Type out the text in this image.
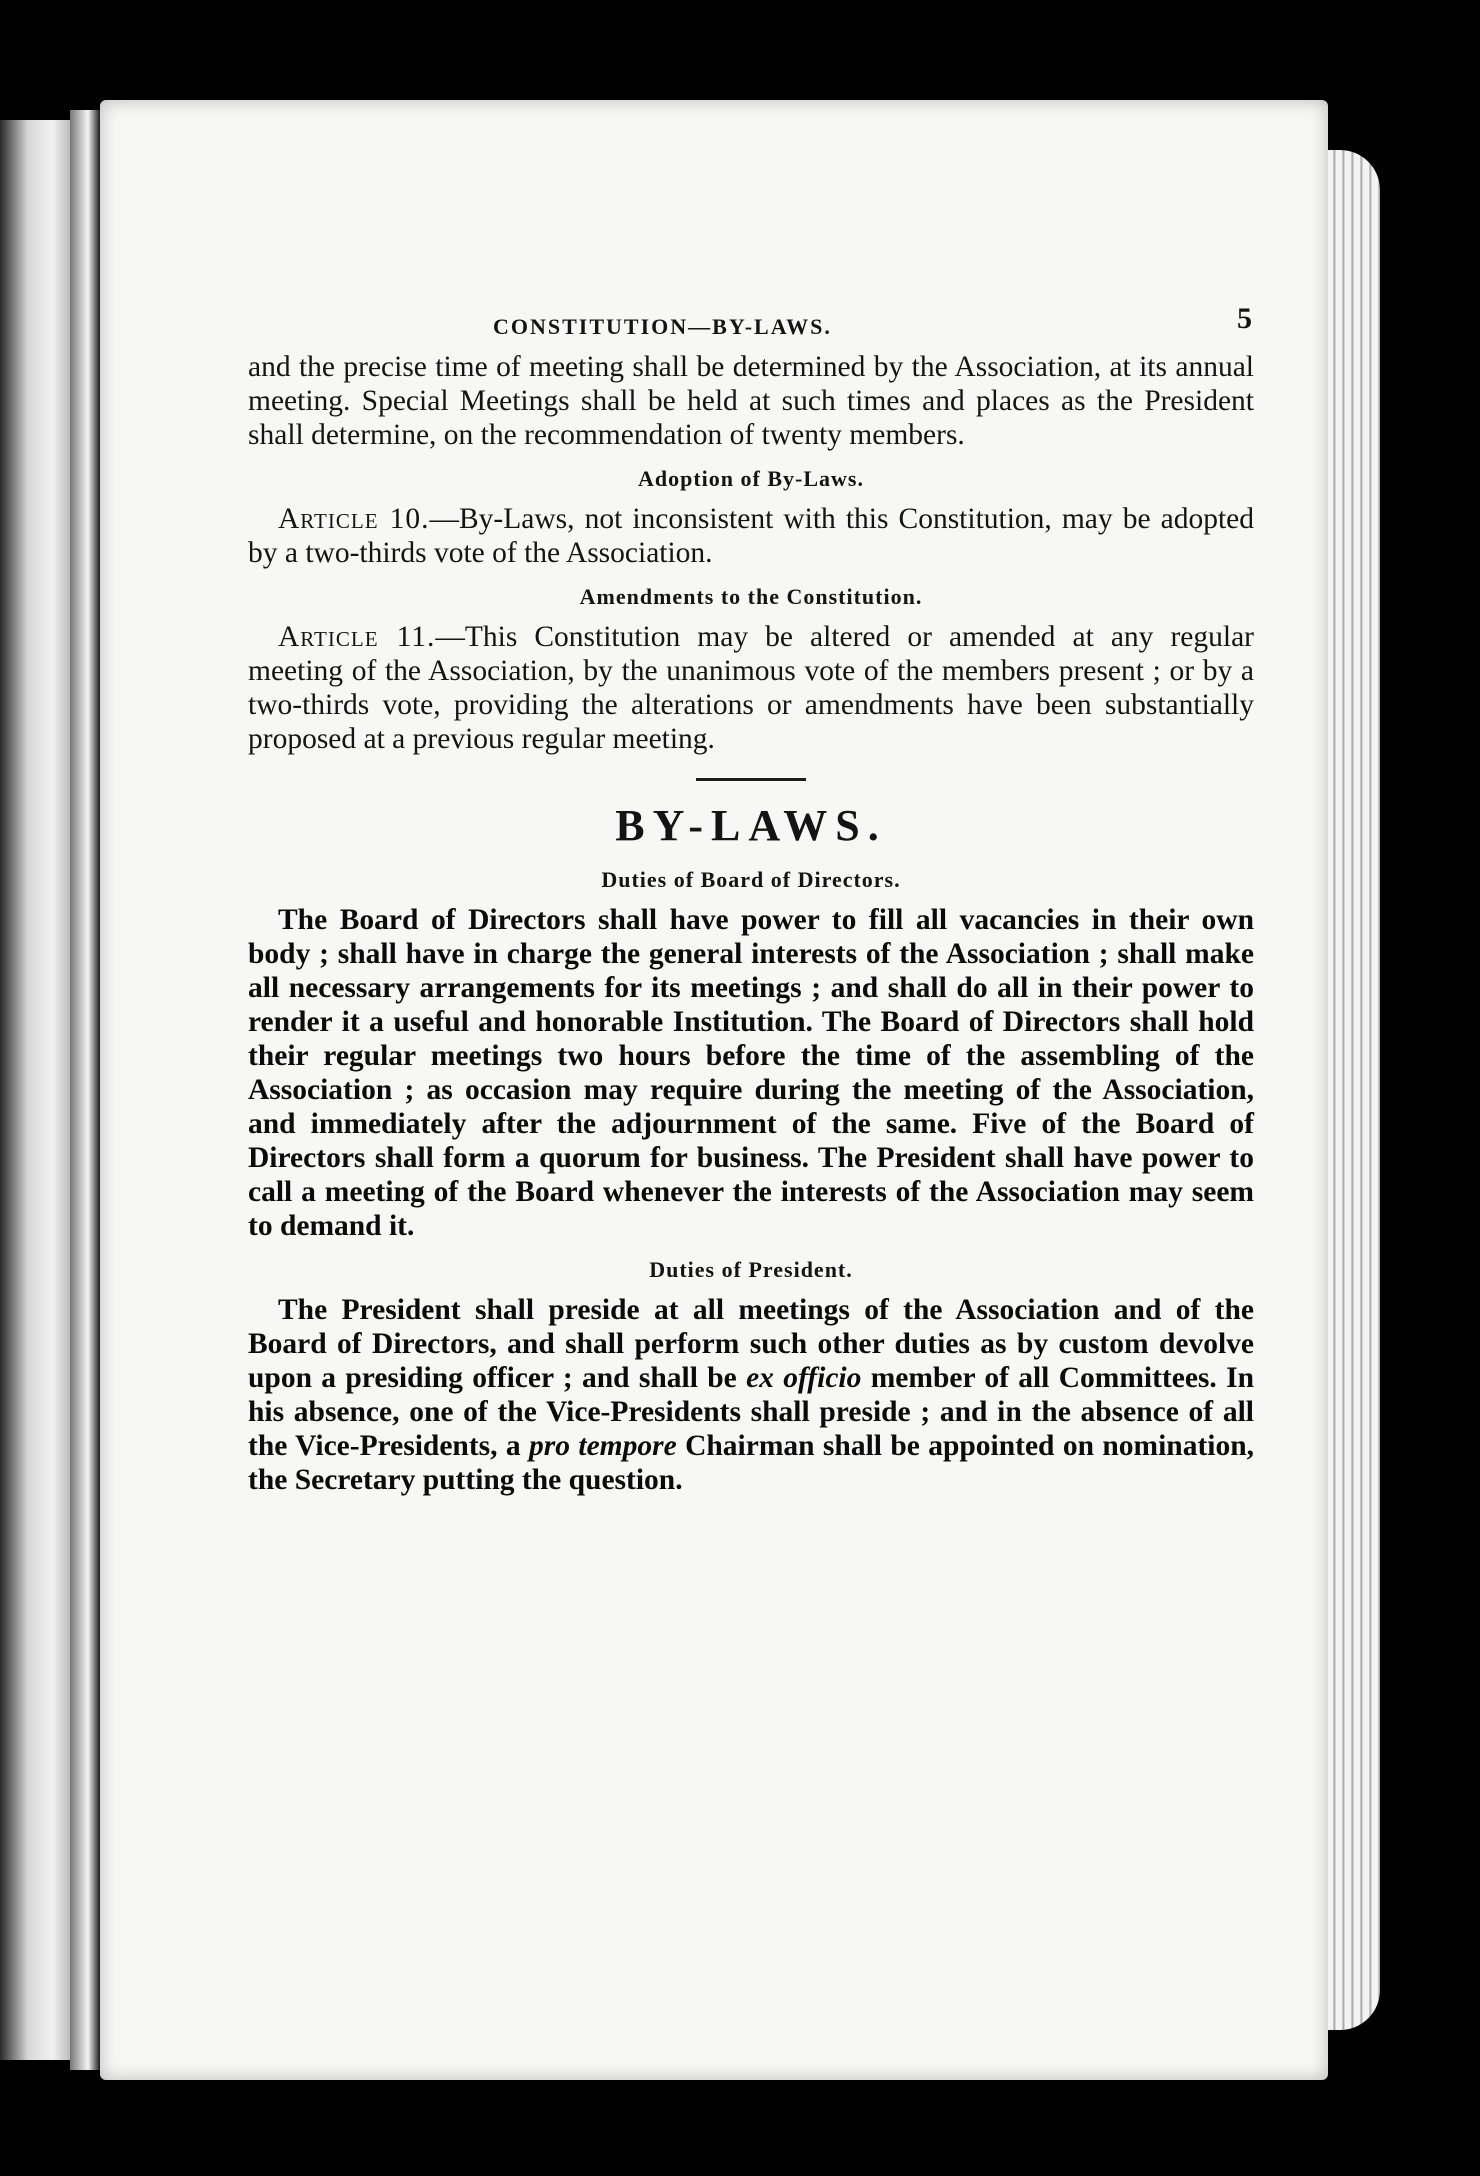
CONSTITUTION—BY-LAWS.	5

and the precise time of meeting shall be determined by the Association, at its annual meeting. Special Meetings shall be held at such times and places as the President shall determine, on the recommendation of twenty members.

Adoption of By-Laws.

Article 10.—By-Laws, not inconsistent with this Constitution, may be adopted by a two-thirds vote of the Association.

Amendments to the Constitution.

Article 11.—This Constitution may be altered or amended at any regular meeting of the Association, by the unanimous vote of the members present ; or by a two-thirds vote, providing the alterations or amendments have been substantially proposed at a previous regular meeting.

BY-LAWS.
Duties of Board of Directors.

The Board of Directors shall have power to fill all vacancies in their own body ; shall have in charge the general interests of the Association ; shall make all necessary arrangements for its meetings ; and shall do all in their power to render it a useful and honorable Institution. The Board of Directors shall hold their regular meetings two hours before the time of the assembling of the Association ; as occasion may require during the meeting of the Association, and immediately after the adjournment of the same. Five of the Board of Directors shall form a quorum for business. The President shall have power to call a meeting of the Board whenever the interests of the Association may seem to demand it.

Duties of President.

The President shall preside at all meetings of the Association and of the Board of Directors, and shall perform such other duties as by custom devolve upon a presiding officer ; and shall be ex officio member of all Committees. In his absence, one of the Vice-Presidents shall preside ; and in the absence of all the Vice-Presidents, a pro tempore Chairman shall be appointed on nomination, the Secretary putting the question.
